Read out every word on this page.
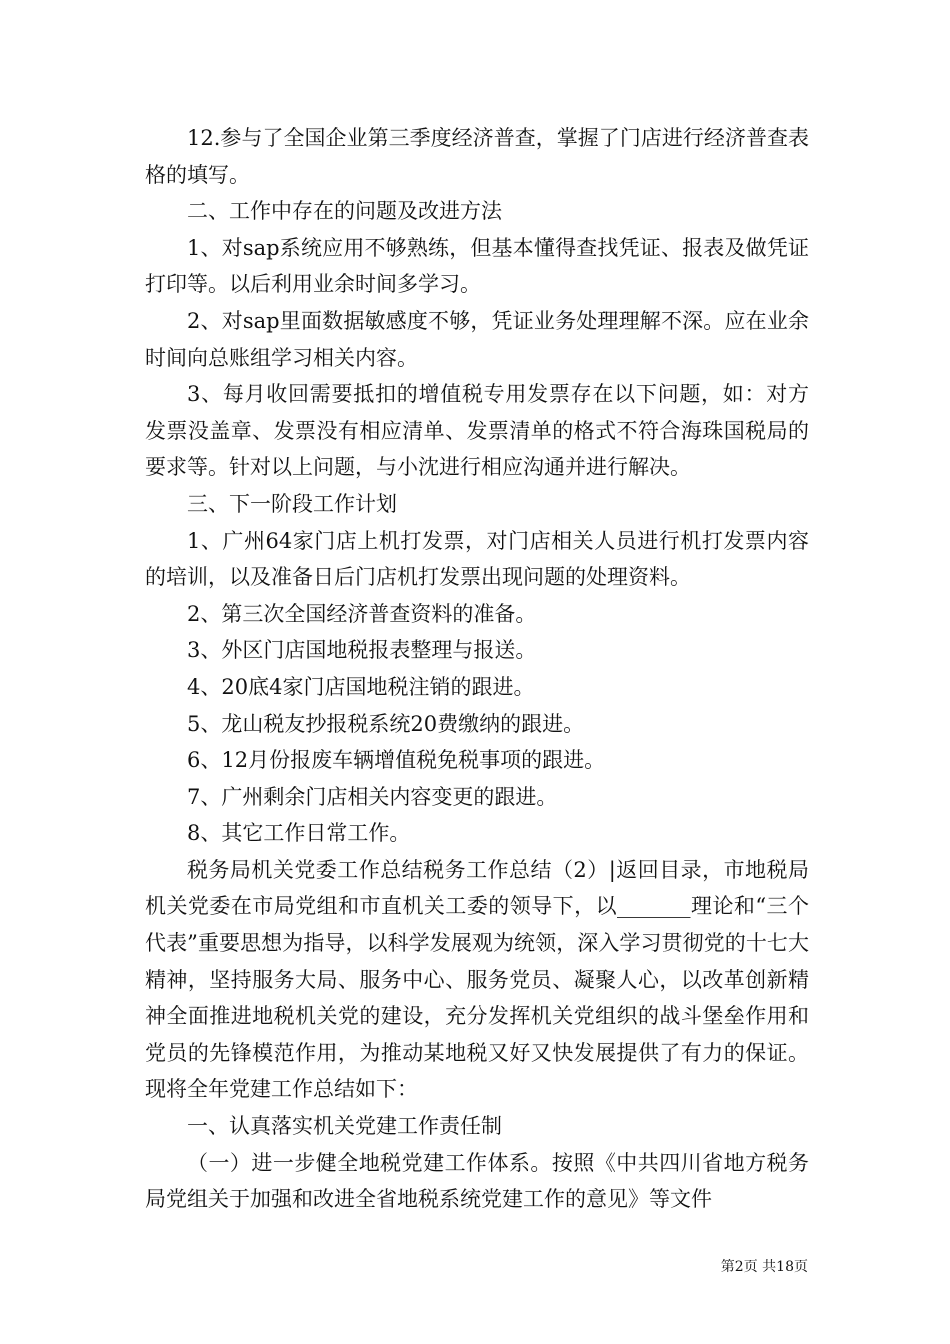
12.参与了全国企业第三季度经济普查，掌握了门店进行经济普查表格的填写。

二、工作中存在的问题及改进方法

1、对sap系统应用不够熟练，但基本懂得查找凭证、报表及做凭证打印等。以后利用业余时间多学习。

2、对sap里面数据敏感度不够，凭证业务处理理解不深。应在业余时间向总账组学习相关内容。

3、每月收回需要抵扣的增值税专用发票存在以下问题，如：对方发票没盖章、发票没有相应清单、发票清单的格式不符合海珠国税局的要求等。针对以上问题，与小沈进行相应沟通并进行解决。

三、下一阶段工作计划

1、广州64家门店上机打发票，对门店相关人员进行机打发票内容的培训，以及准备日后门店机打发票出现问题的处理资料。

2、第三次全国经济普查资料的准备。

3、外区门店国地税报表整理与报送。

4、20底4家门店国地税注销的跟进。

5、龙山税友抄报税系统20费缴纳的跟进。

6、12月份报废车辆增值税免税事项的跟进。

7、广州剩余门店相关内容变更的跟进。

8、其它工作日常工作。

税务局机关党委工作总结税务工作总结（2）|返回目录，市地税局机关党委在市局党组和市直机关工委的领导下，以_______理论和“三个代表”重要思想为指导，以科学发展观为统领，深入学习贯彻党的十七大精神，坚持服务大局、服务中心、服务党员、凝聚人心，以改革创新精神全面推进地税机关党的建设，充分发挥机关党组织的战斗堡垒作用和党员的先锋模范作用，为推动某地税又好又快发展提供了有力的保证。现将全年党建工作总结如下：

一、认真落实机关党建工作责任制

（一）进一步健全地税党建工作体系。按照《中共四川省地方税务局党组关于加强和改进全省地税系统党建工作的意见》等文件

第2页 共18页
